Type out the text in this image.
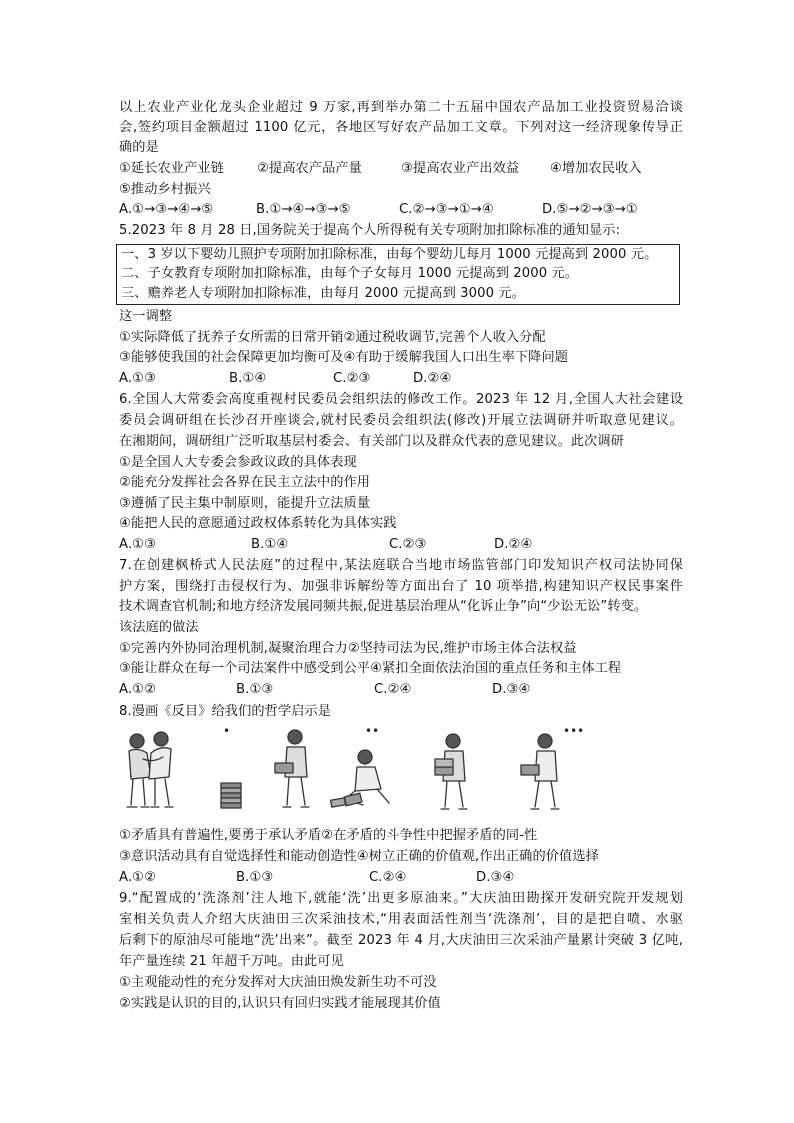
以上农业产业化龙头企业超过 9 万家,再到举办第二十五届中国农产品加工业投资贸易洽谈
会,签约项目金额超过 1100 亿元，各地区写好农产品加工文章。下列对这一经济现象传导正
确的是
①延长农业产业链	②提高农产品产量	③提高农业产出效益 ④增加农民收入
⑤推动乡村振兴
A.①→③→④→⑤	B.①→④→③→⑤	C.②→③→①→④	D.⑤→②→③→①
5.2023 年 8 月 28 日,国务院关于提高个人所得税有关专项附加扣除标准的通知显示:
一、3 岁以下婴幼儿照护专项附加扣除标准，由每个婴幼儿每月 1000 元提高到 2000 元。
二、子女教育专项附加扣除标准，由每个子女每月 1000 元提高到 2000 元。
三、赡养老人专项附加扣除标准，由每月 2000 元提高到 3000 元。
这一调整
①实际降低了抚养子女所需的日常开销②通过税收调节,完善个人收入分配
③能够使我国的社会保障更加均衡可及④有助于缓解我国人口出生率下降问题
A.①③	B.①④	C.②③	D.②④
6.全国人大常委会高度重视村民委员会组织法的修改工作。2023 年 12 月,全国人大社会建设
委员会调研组在长沙召开座谈会,就村民委员会组织法(修改)开展立法调研并听取意见建议。
在湘期间，调研组广泛听取基层村委会、有关部门以及群众代表的意见建议。此次调研
①是全国人大专委会参政议政的具体表现
②能充分发挥社会各界在民主立法中的作用
③遵循了民主集中制原则，能提升立法质量
④能把人民的意愿通过政权体系转化为具体实践
A.①③	B.①④	C.②③	D.②④
7.在创建枫桥式人民法庭”的过程中,某法庭联合当地市场监管部门印发知识产权司法协同保
护方案，围绕打击侵权行为、加强非诉解纷等方面出台了 10 项举措,构建知识产权民事案件
技术调查官机制;和地方经济发展同频共振,促进基层治理从“化诉止争”向“少讼无讼”转变。
该法庭的做法
①完善内外协同治理机制,凝聚治理合力②坚持司法为民,维护市场主体合法权益
③能让群众在每一个司法案件中感受到公平④紧扣全面依法治国的重点任务和主体工程
A.①②	B.①③	C.②④	D.③④
8.漫画《反目》给我们的哲学启示是
•	••	•••
①矛盾具有普遍性,要勇于承认矛盾②在矛盾的斗争性中把握矛盾的同-性
③意识活动具有自觉选择性和能动创造性④树立正确的价值观,作出正确的价值选择
A.①②	B.①③	C.②④	D.③④
9.“配置成的‘洗涤剂’注人地下,就能‘洗’出更多原油来。”大庆油田勘探开发研究院开发规划
室相关负责人介绍大庆油田三次采油技术,“用表面活性剂当‘洗涤剂’，目的是把自喷、水驱
后剩下的原油尽可能地“洗’出来”。截至 2023 年 4 月,大庆油田三次采油产量累计突破 3 亿吨,
年产量连续 21 年超千万吨。由此可见
①主观能动性的充分发挥对大庆油田焕发新生功不可没
②实践是认识的目的,认识只有回归实践才能展现其价值
